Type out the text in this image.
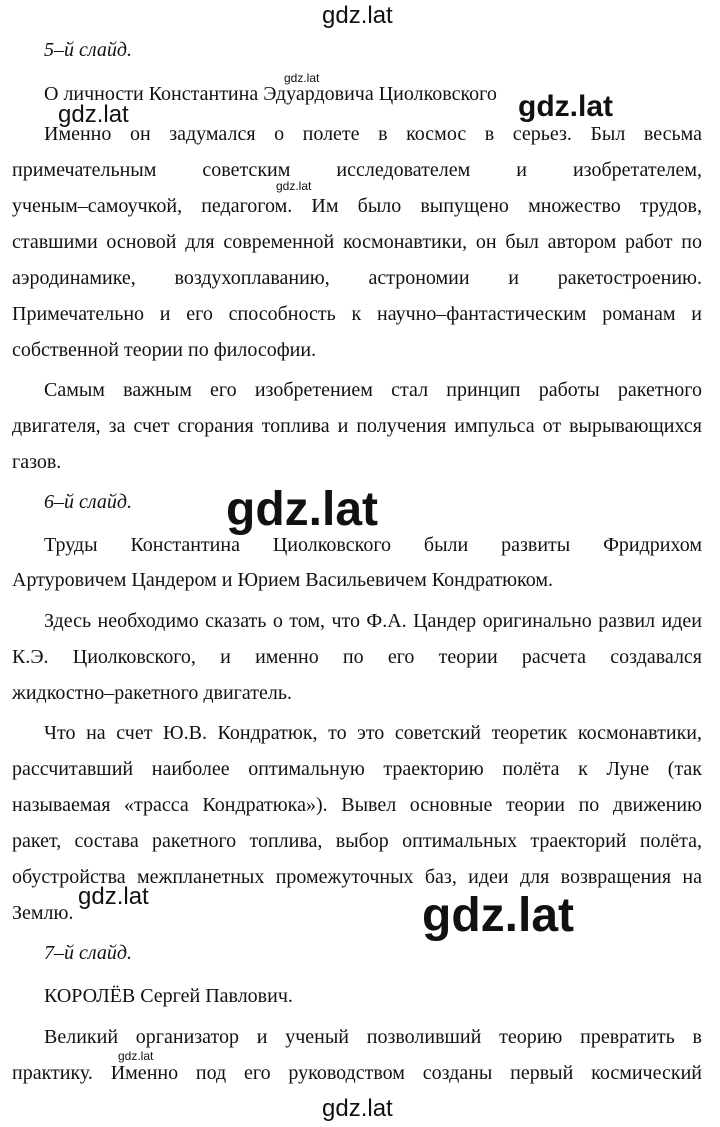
5–й слайд.
О личности Константина Эдуардовича Циолковского
Именно он задумался о полете в космос в серьез. Был весьма
примечательным советским исследователем и изобретателем,
ученым–самоучкой, педагогом. Им было выпущено множество трудов,
ставшими основой для современной космонавтики, он был автором работ по
аэродинамике, воздухоплаванию, астрономии и ракетостроению.
Примечательно и его способность к научно–фантастическим романам и
собственной теории по философии.
Самым важным его изобретением стал принцип работы ракетного
двигателя, за счет сгорания топлива и получения импульса от вырывающихся
газов.
6–й слайд.
Труды Константина Циолковского были развиты Фридрихом
Артуровичем Цандером и Юрием Васильевичем Кондратюком.
Здесь необходимо сказать о том, что Ф.А. Цандер оригинально развил идеи
К.Э. Циолковского, и именно по его теории расчета создавался
жидкостно–ракетного двигатель.
Что на счет Ю.В. Кондратюк, то это советский теоретик космонавтики,
рассчитавший наиболее оптимальную траекторию полёта к Луне (так
называемая «трасса Кондратюка»). Вывел основные теории по движению
ракет, состава ракетного топлива, выбор оптимальных траекторий полёта,
обустройства межпланетных промежуточных баз, идеи для возвращения на
Землю.
7–й слайд.
КОРОЛЁВ Сергей Павлович.
Великий организатор и ученый позволивший теорию превратить в
практику. Именно под его руководством созданы первый космический
gdz.lat
gdz.lat
gdz.lat	gdz.lat
gdz.lat
gdz.lat
gdz.lat	gdz.lat
gdz.lat
gdz.lat
